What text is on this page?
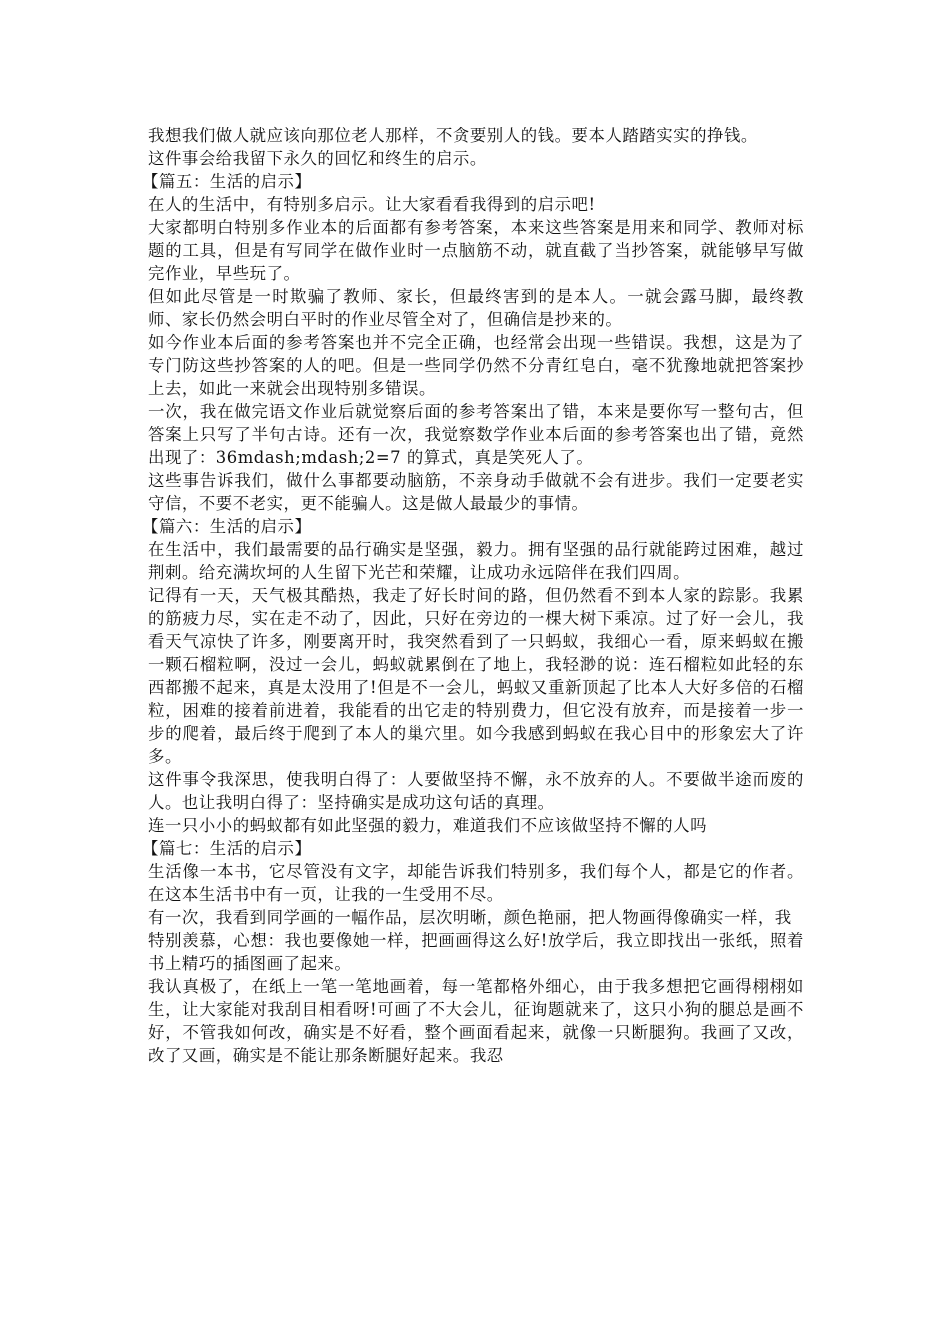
我想我们做人就应该向那位老人那样，不贪要别人的钱。要本人踏踏实实的挣钱。

这件事会给我留下永久的回忆和终生的启示。

【篇五：生活的启示】

在人的生活中，有特别多启示。让大家看看我得到的启示吧!

大家都明白特别多作业本的后面都有参考答案，本来这些答案是用来和同学、教师对标题的工具，但是有写同学在做作业时一点脑筋不动，就直截了当抄答案，就能够早写做完作业，早些玩了。

但如此尽管是一时欺骗了教师、家长，但最终害到的是本人。一就会露马脚，最终教师、家长仍然会明白平时的作业尽管全对了，但确信是抄来的。

如今作业本后面的参考答案也并不完全正确，也经常会出现一些错误。我想，这是为了专门防这些抄答案的人的吧。但是一些同学仍然不分青红皂白，毫不犹豫地就把答案抄上去，如此一来就会出现特别多错误。

一次，我在做完语文作业后就觉察后面的参考答案出了错，本来是要你写一整句古，但答案上只写了半句古诗。还有一次，我觉察数学作业本后面的参考答案也出了错，竟然出现了：36mdash;mdash;2=7 的算式，真是笑死人了。

这些事告诉我们，做什么事都要动脑筋，不亲身动手做就不会有进步。我们一定要老实守信，不要不老实，更不能骗人。这是做人最最少的事情。

【篇六：生活的启示】

在生活中，我们最需要的品行确实是坚强，毅力。拥有坚强的品行就能跨过困难，越过荆刺。给充满坎坷的人生留下光芒和荣耀，让成功永远陪伴在我们四周。

记得有一天，天气极其酷热，我走了好长时间的路，但仍然看不到本人家的踪影。我累的筋疲力尽，实在走不动了，因此，只好在旁边的一棵大树下乘凉。过了好一会儿，我看天气凉快了许多，刚要离开时，我突然看到了一只蚂蚁，我细心一看，原来蚂蚁在搬一颗石榴粒啊，没过一会儿，蚂蚁就累倒在了地上，我轻渺的说：连石榴粒如此轻的东西都搬不起来，真是太没用了!但是不一会儿，蚂蚁又重新顶起了比本人大好多倍的石榴粒，困难的接着前进着，我能看的出它走的特别费力，但它没有放弃，而是接着一步一步的爬着，最后终于爬到了本人的巢穴里。如今我感到蚂蚁在我心目中的形象宏大了许多。

这件事令我深思，使我明白得了：人要做坚持不懈，永不放弃的人。不要做半途而废的人。也让我明白得了：坚持确实是成功这句话的真理。

连一只小小的蚂蚁都有如此坚强的毅力，难道我们不应该做坚持不懈的人吗

【篇七：生活的启示】

生活像一本书，它尽管没有文字，却能告诉我们特别多，我们每个人，都是它的作者。在这本生活书中有一页，让我的一生受用不尽。

有一次，我看到同学画的一幅作品，层次明晰，颜色艳丽，把人物画得像确实一样，我

特别羡慕，心想：我也要像她一样，把画画得这么好!放学后，我立即找出一张纸，照着书上精巧的插图画了起来。

我认真极了，在纸上一笔一笔地画着，每一笔都格外细心，由于我多想把它画得栩栩如生，让大家能对我刮目相看呀!可画了不大会儿，征询题就来了，这只小狗的腿总是画不好，不管我如何改，确实是不好看，整个画面看起来，就像一只断腿狗。我画了又改，改了又画，确实是不能让那条断腿好起来。我忍
